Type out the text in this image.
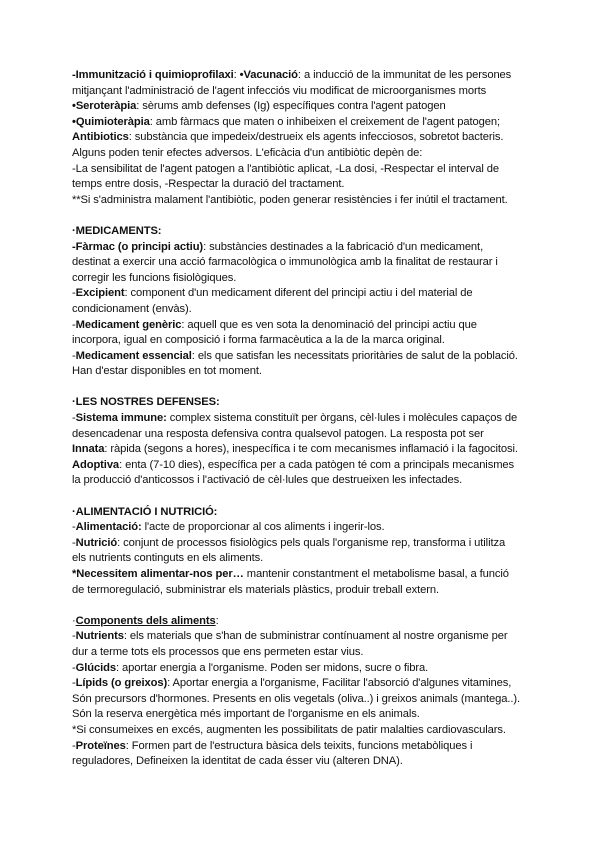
-Immunització i quimioprofilaxi: •Vacunació: a inducció de la immunitat de les persones
mitjançant l'administració de l'agent infecciós viu modificat de microorganismes morts
•Seroteràpia: sèrums amb defenses (Ig) específiques contra l'agent patogen
•Quimioteràpia: amb fàrmacs que maten o inhibeixen el creixement de l'agent patogen;
Antibiotics: substància que impedeix/destrueix els agents infecciosos, sobretot bacteris.
Alguns poden tenir efectes adversos. L'eficàcia d'un antibiòtic depèn de:
-La sensibilitat de l'agent patogen a l'antibiòtic aplicat, -La dosi, -Respectar el interval de
temps entre dosis, -Respectar la duració del tractament.
**Si s'administra malament l'antibiòtic, poden generar resistències i fer inútil el tractament.
·MEDICAMENTS:
-Fàrmac (o principi actiu): substàncies destinades a la fabricació d'un medicament,
destinat a exercir una acció farmacològica o immunològica amb la finalitat de restaurar i
corregir les funcions fisiològiques.
-Excipient: component d'un medicament diferent del principi actiu i del material de
condicionament (envàs).
-Medicament genèric: aquell que es ven sota la denominació del principi actiu que
incorpora, igual en composició i forma farmacèutica a la de la marca original.
-Medicament essencial: els que satisfan les necessitats prioritàries de salut de la població.
Han d'estar disponibles en tot moment.
·LES NOSTRES DEFENSES:
-Sistema immune: complex sistema constituït per òrgans, cèl·lules i molècules capaços de
desencadenar una resposta defensiva contra qualsevol patogen. La resposta pot ser
Innata: ràpida (segons a hores), inespecífica i te com mecanismes inflamació i la fagocitosi.
Adoptiva: enta (7-10 dies), específica per a cada patògen té com a principals mecanismes
la producció d'anticossos i l'activació de cèl·lules que destrueixen les infectades.
·ALIMENTACIÓ I NUTRICIÓ:
-Alimentació: l'acte de proporcionar al cos aliments i ingerir-los.
-Nutrició: conjunt de processos fisiològics pels quals l'organisme rep, transforma i utilitza
els nutrients continguts en els aliments.
*Necessitem alimentar-nos per… mantenir constantment el metabolisme basal, a funció
de termoregulació, subministrar els materials plàstics, produir treball extern.
·Components dels aliments:
-Nutrients: els materials que s'han de subministrar contínuament al nostre organisme per
dur a terme tots els processos que ens permeten estar vius.
-Glúcids: aportar energia a l'organisme. Poden ser midons, sucre o fibra.
-Lípids (o greixos): Aportar energia a l'organisme, Facilitar l'absorció d'algunes vitamines,
Són precursors d'hormones. Presents en olis vegetals (oliva..) i greixos animals (mantega..).
Són la reserva energètica més important de l'organisme en els animals.
*Si consumeixes en excés, augmenten les possibilitats de patir malalties cardiovasculars.
-Proteïnes: Formen part de l'estructura bàsica dels teixits, funcions metabòliques i
reguladores, Defineixen la identitat de cada ésser viu (alteren DNA).
